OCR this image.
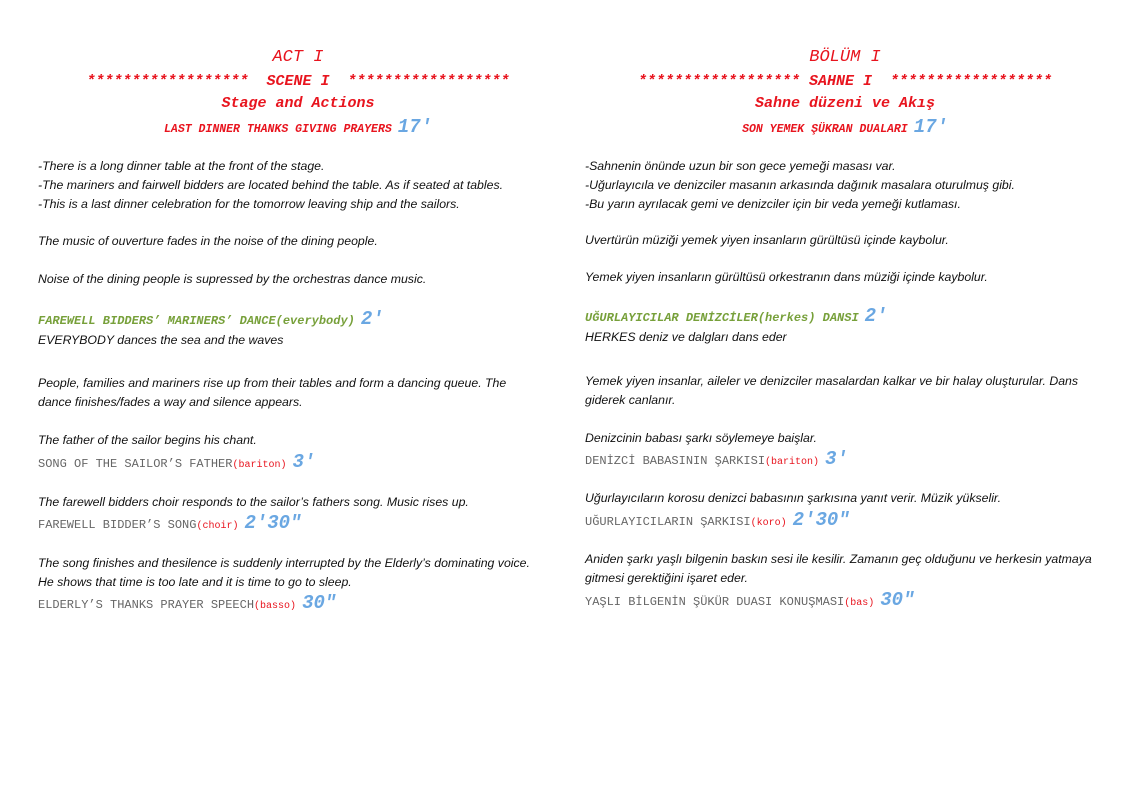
ACT I
******************  SCENE I  ******************
Stage and Actions
LAST DINNER THANKS GIVING PRAYERS 17′
-There is a long dinner table at the front of the stage.
-The mariners and fairwell bidders are located behind the table. As if seated at tables.
-This is a last dinner celebration for the tomorrow leaving ship and the sailors.

The music of ouverture fades in the noise of the dining people.

Noise of the dining people is supressed by the orchestras dance music.

FAREWELL BIDDERS’ MARINERS’ DANCE(everybody) 2′

EVERYBODY dances the sea and the waves

People, families and mariners rise up from their tables and form a dancing queue. The
dance finishes/fades a way and silence appears.

The father of the sailor begins his chant.

SONG OF THE SAILOR’S FATHER(bariton) 3′

The farewell bidders choir responds to the sailor’s fathers song. Music rises up.

FAREWELL BIDDER’S SONG(choir) 2′30″
The song finishes and thesilence is suddenly interrupted by the Elderly’s dominating voice.
He shows that time is too late and it is time to go to sleep.
ELDERLY’S THANKS PRAYER SPEECH(basso) 30″
BÖLÜM I
****************** SAHNE I  ******************
Sahne düzeni ve Akış
SON YEMEK ŞÜKRAN DUALARI 17′
-Sahnenin önünde uzun bir son gece yemeği masası var.
-Uğurlayıcıla ve denizciler masanın arkasında dağınık masalara oturulmuş gibi.
-Bu yarın ayrılacak gemi ve denizciler için bir veda yemeği kutlaması.

Uvertürün müziği yemek yiyen insanların gürültüsü içinde kaybolur.

Yemek yiyen insanların gürültüsü orkestranın dans müziği içinde kaybolur.

UĞURLAYICILAR DENİZCİLER(herkes) DANSI 2′

HERKES deniz ve dalgları dans eder

Yemek yiyen insanlar, aileler ve denizciler masalardan kalkar ve bir halay oluşturular. Dans
giderek canlanır.

Denizcinin babası şarkı söylemeye baişlar.

DENİZCİ BABASININ ŞARKISI(bariton) 3′

Uğurlayıcıların korosu denizci babasının şarkısına yanıt verir. Müzik yükselir.

UĞURLAYICILARIN ŞARKISI(koro) 2′30″
Aniden şarkı yaşlı bilgenin baskın sesi ile kesilir. Zamanın geç olduğunu ve herkesin yatmaya
gitmesi gerektiğini işaret eder.
YAŞLI BİLGENİN ŞÜKÜR DUASI KONUŞMASI(bas) 30″
